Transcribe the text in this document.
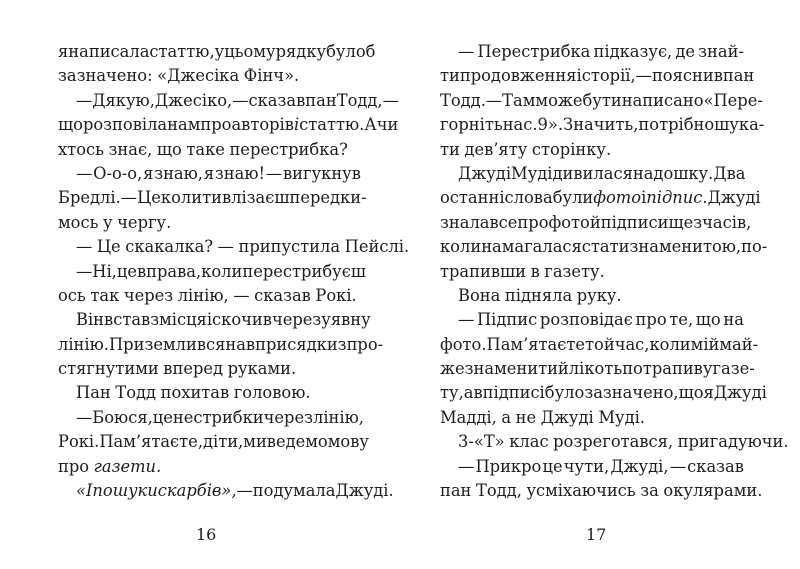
я написала статтю, у цьому рядку було б
зазначено: «Джесіка Фінч».
— Дякую, Джесіко, — сказав пан Тодд, —
що розповіла нам про авторів і статтю. А чи
хтось знає, що таке перестрибка?
— О-о-о, я знаю, я знаю! — вигукнув
Бредлі. — Це коли ти влізаєш перед ки-
мось у чергу.
— Це скакалка? — припустила Пейслі.
— Ні, це вправа, коли перестрибуєш
ось так через лінію, — сказав Рокі.
Він встав з місця і скочив через уявну
лінію. Приземлився навприсядки з про-
стягнутими вперед руками.
Пан Тодд похитав головою.
— Боюся, це не стрибки через лінію,
Рокі. Пам’ятаєте, діти, ми ведемо мову
про газети.
«І пошуки скарбів», — подумала Джуді.
16
— Перестрибка підказує, де знай-
ти продовження історії, — пояснив пан
Тодд. — Там може бути написано «Пере-
горніть на с. 9». Значить, потрібно шука-
ти дев’яту сторінку.
Джуді Муді дивилася на дошку. Два
останні слова були фото і підпис. Джуді
знала все про фото й підписи ще з часів,
коли намагалася стати знаменитою, по-
трапивши в газету.
Вона підняла руку.
— Підпис розповідає про те, що на
фото. Пам’ятаєте той час, коли мій май-
же знаменитий лікоть потрапив у газе-
ту, а в підписі було зазначено, що я Джуді
Мадді, а не Джуді Муді.
3-«Т» клас розреготався, пригадуючи.
— Прикро це чути, Джуді, — сказав
пан Тодд, усміхаючись за окулярами.
17
